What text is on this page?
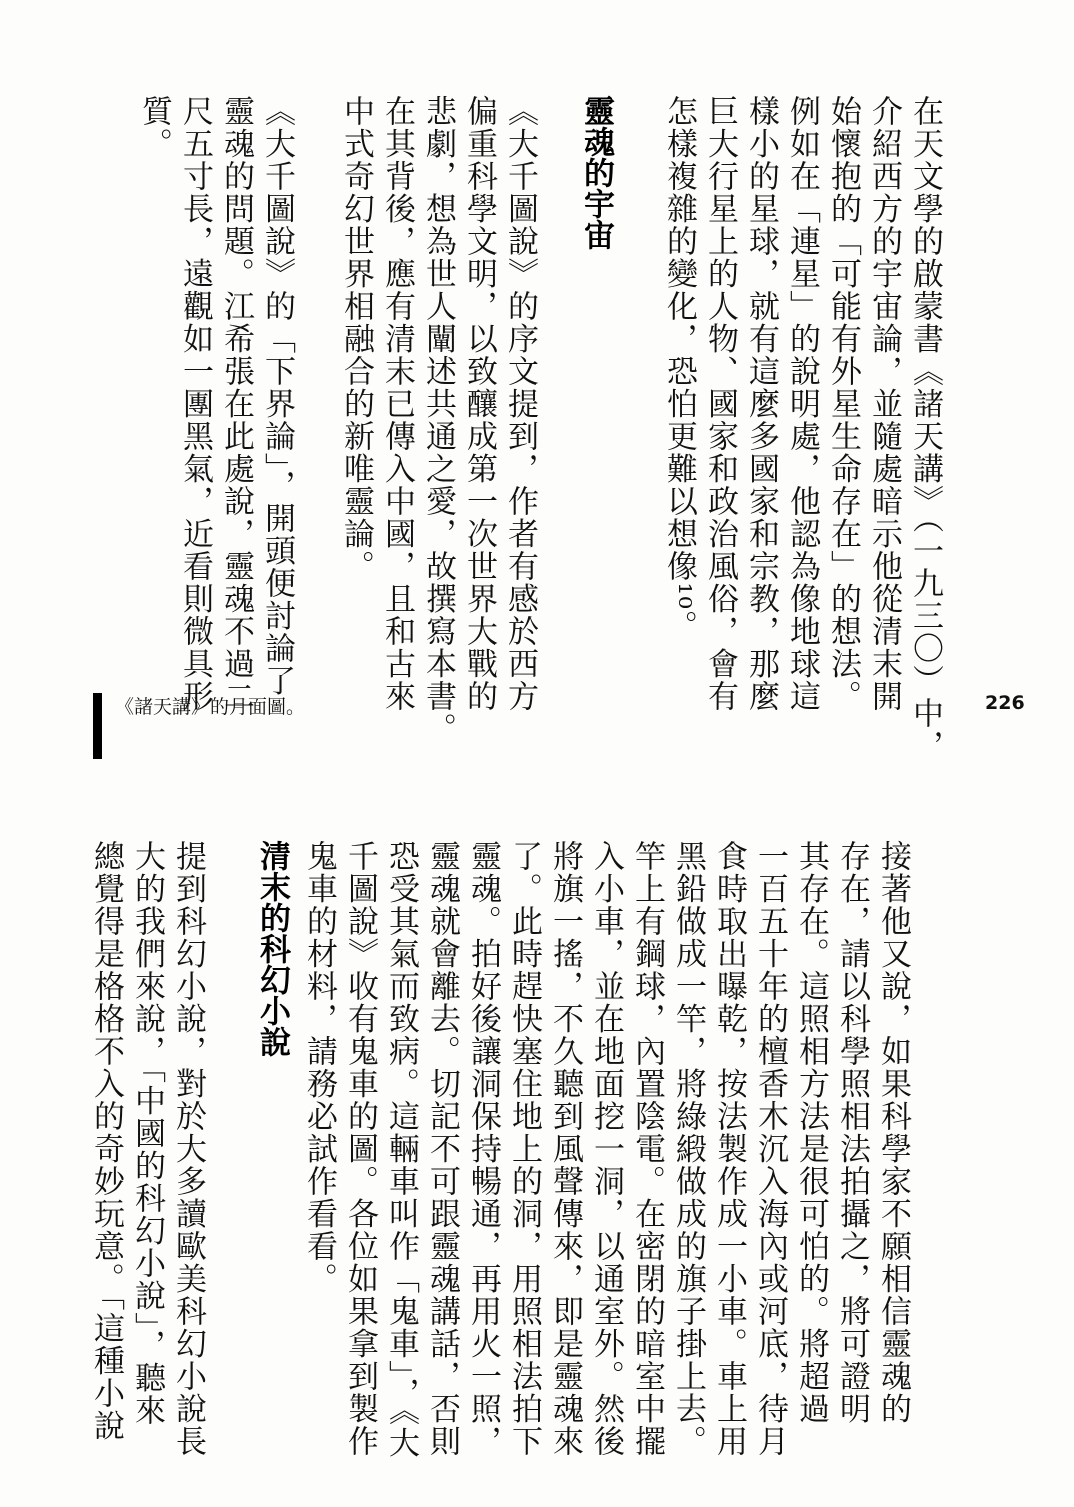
在天文學的啟蒙書《諸天講》（一九三〇）中，
介紹西方的宇宙論，並隨處暗示他從清末開
始懷抱的「可能有外星生命存在」的想法。
例如在「連星」的說明處，他認為像地球這
樣小的星球，就有這麼多國家和宗教，那麼
巨大行星上的人物、國家和政治風俗，會有
怎樣複雜的變化，恐怕更難以想像¹⁰。
靈魂的宇宙
《大千圖說》的序文提到，作者有感於西方
偏重科學文明，以致釀成第一次世界大戰的
悲劇，想為世人闡述共通之愛，故撰寫本書。
在其背後，應有清末已傳入中國，且和古來
中式奇幻世界相融合的新唯靈論。
《大千圖說》的「下界論」，開頭便討論了
靈魂的問題。江希張在此處說，靈魂不過二
尺五寸長，遠觀如一團黑氣，近看則微具形
質。
《諸天講》的月面圖。	226
接著他又說，如果科學家不願相信靈魂的
存在，請以科學照相法拍攝之，將可證明
其存在。這照相方法是很可怕的。將超過
一百五十年的檀香木沉入海內或河底，待月
食時取出曝乾，按法製作成一小車。車上用
黑鉛做成一竿，將綠緞做成的旗子掛上去。
竿上有鋼球，內置陰電。在密閉的暗室中擺
入小車，並在地面挖一洞，以通室外。然後
將旗一搖，不久聽到風聲傳來，即是靈魂來
了。此時趕快塞住地上的洞，用照相法拍下
靈魂。拍好後讓洞保持暢通，再用火一照，
靈魂就會離去。切記不可跟靈魂講話，否則
恐受其氣而致病。這輛車叫作「鬼車」，《大
千圖說》收有鬼車的圖。各位如果拿到製作
鬼車的材料，請務必試作看看。
清末的科幻小說
提到科幻小說，對於大多讀歐美科幻小說長
大的我們來說，「中國的科幻小說」，聽來
總覺得是格格不入的奇妙玩意。「這種小說
